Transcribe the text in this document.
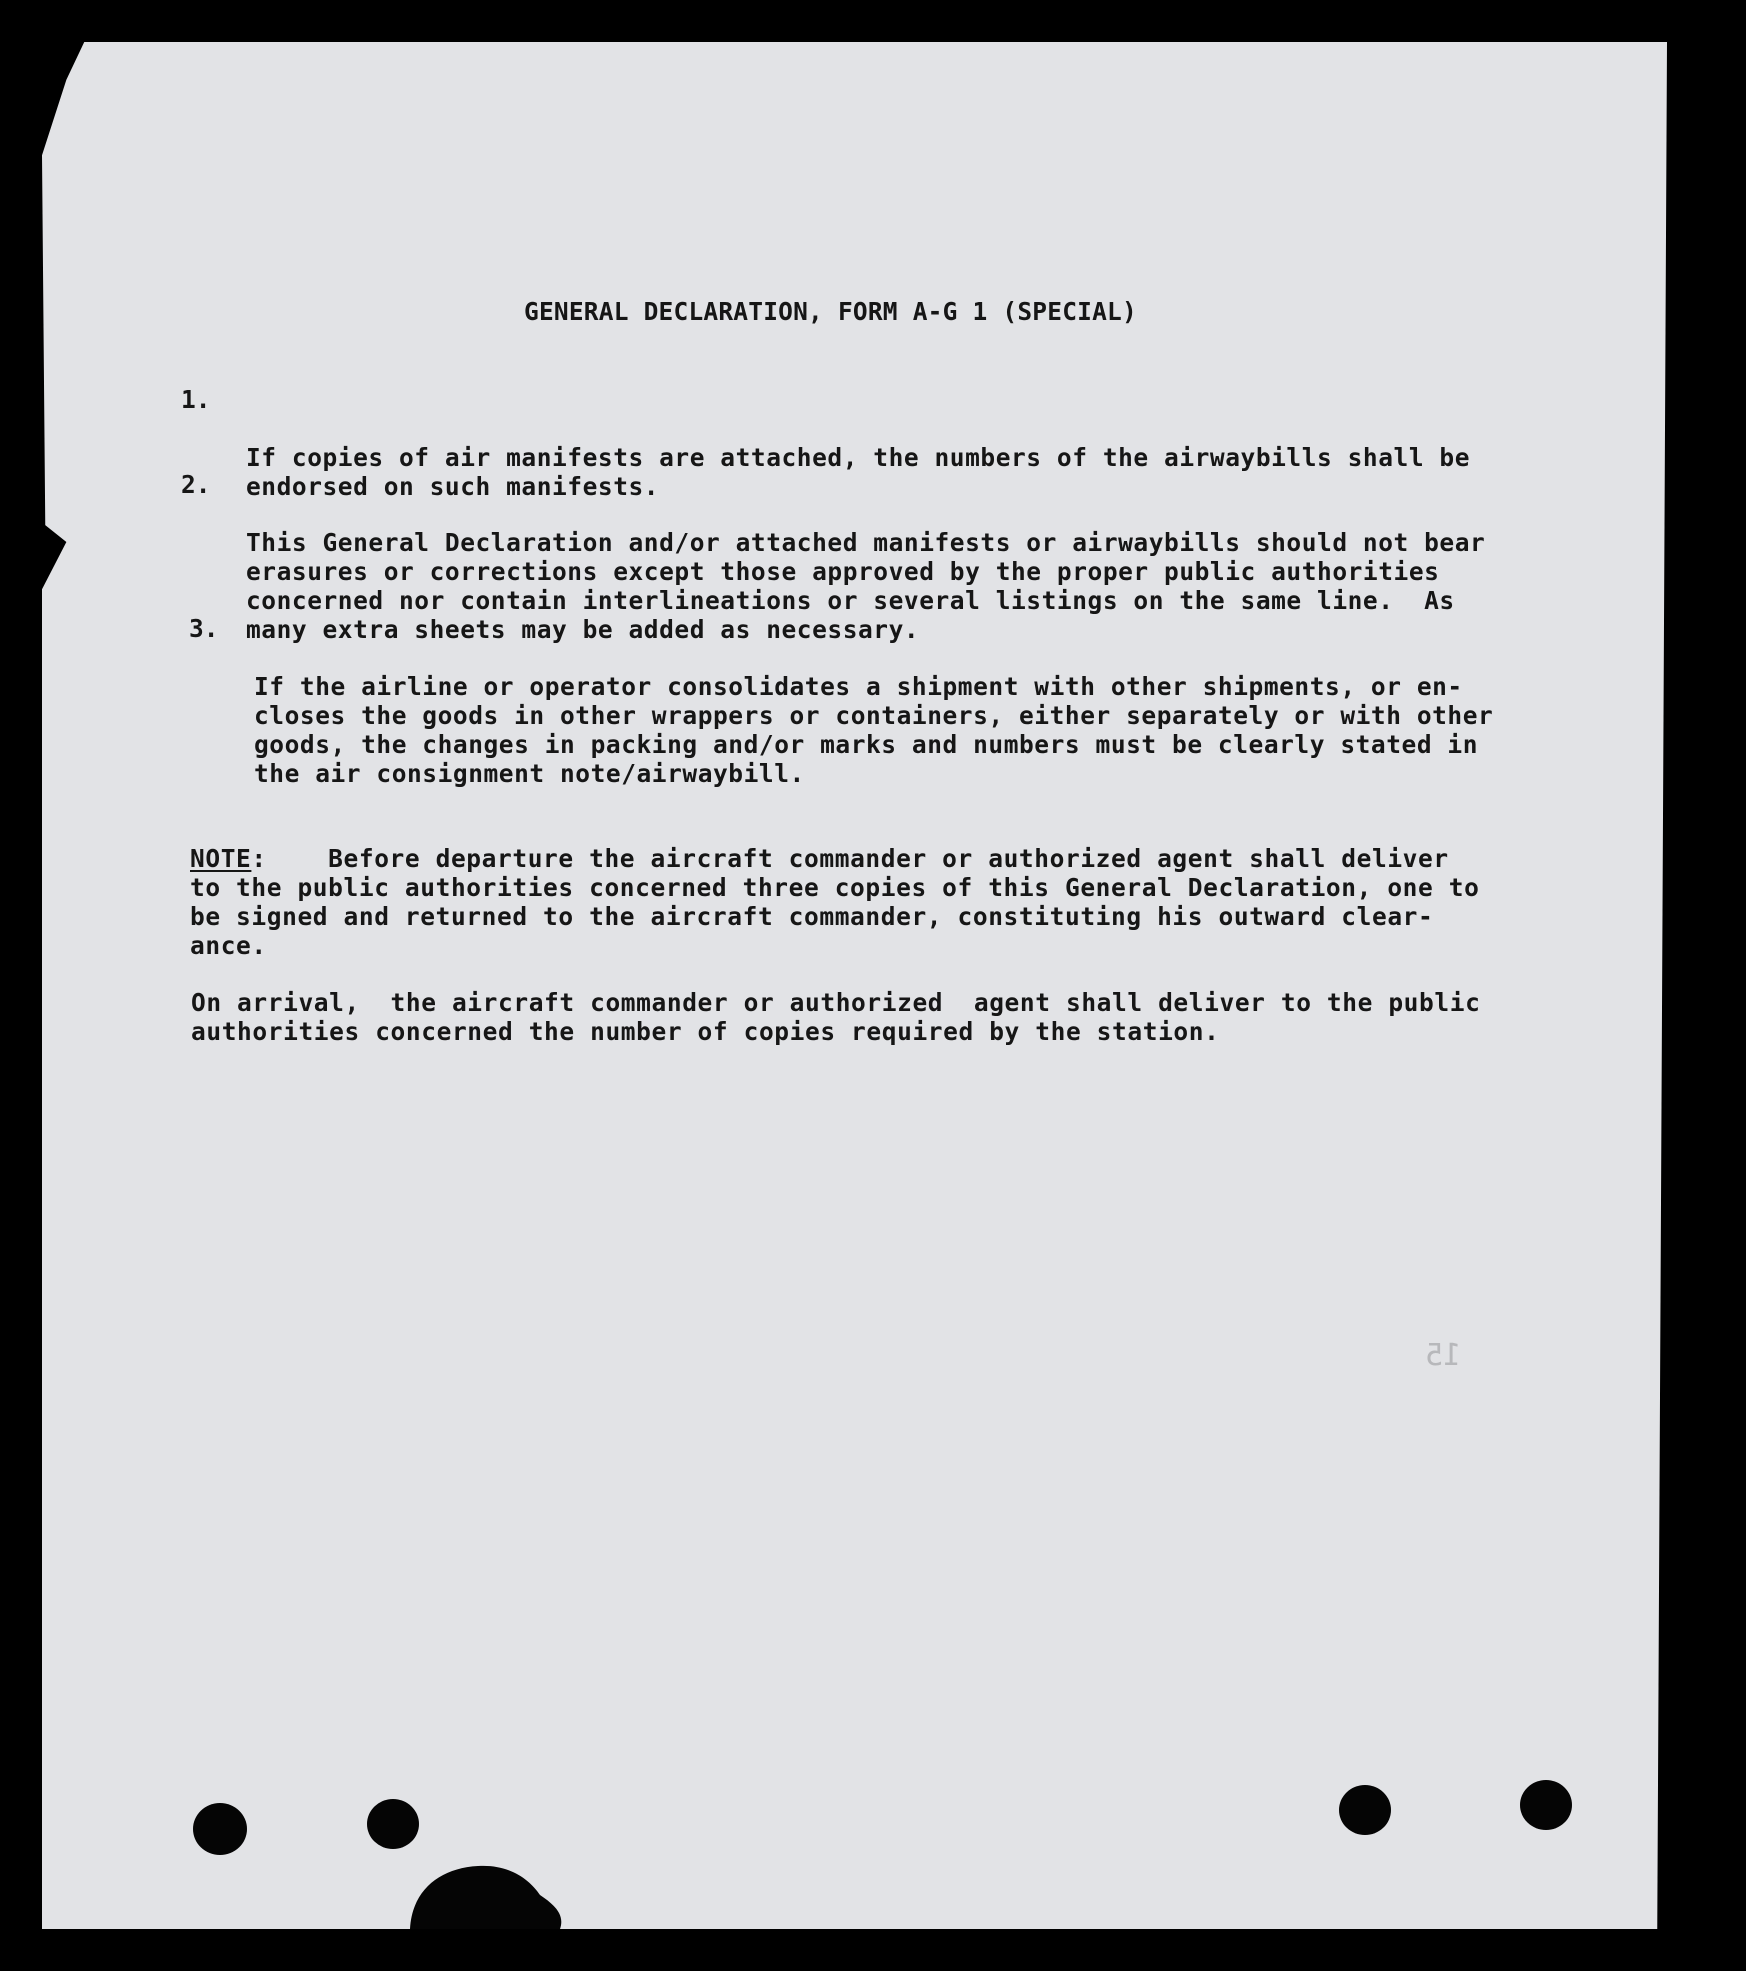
GENERAL DECLARATION, FORM A-G 1 (SPECIAL)
1.

If copies of air manifests are attached, the numbers of the airwaybills shall be
endorsed on such manifests.

2.

This General Declaration and/or attached manifests or airwaybills should not bear
erasures or corrections except those approved by the proper public authorities
concerned nor contain interlineations or several listings on the same line.  As
many extra sheets may be added as necessary.

3.

If the airline or operator consolidates a shipment with other shipments, or en-
closes the goods in other wrappers or containers, either separately or with other
goods, the changes in packing and/or marks and numbers must be clearly stated in
the air consignment note/airwaybill.

NOTE:    Before departure the aircraft commander or authorized agent shall deliver
to the public authorities concerned three copies of this General Declaration, one to
be signed and returned to the aircraft commander, constituting his outward clear-
ance.

On arrival,  the aircraft commander or authorized  agent shall deliver to the public
authorities concerned the number of copies required by the station.

15
